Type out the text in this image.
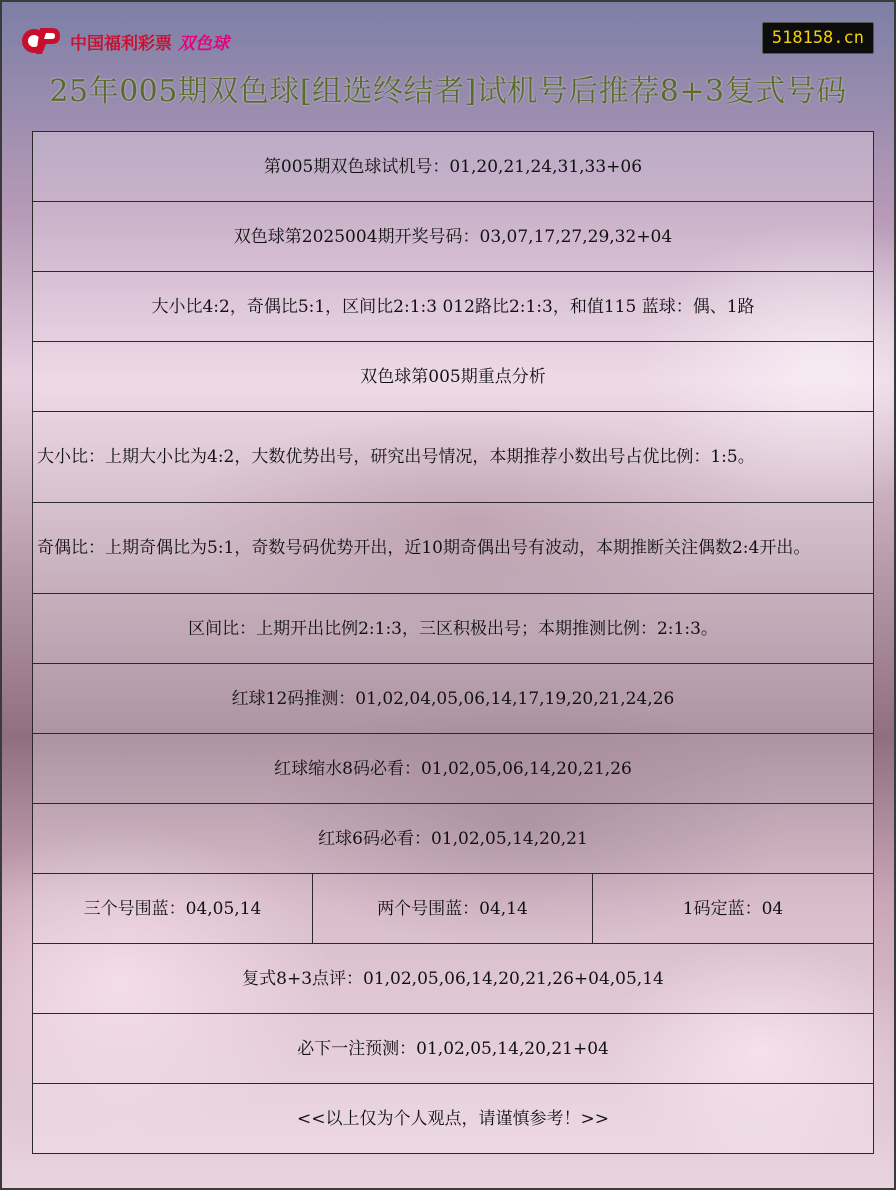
中国福利彩票 双色球	518158.cn
25年005期双色球[组选终结者]试机号后推荐8+3复式号码
第005期双色球试机号：01,20,21,24,31,33+06
双色球第2025004期开奖号码：03,07,17,27,29,32+04
大小比4:2，奇偶比5:1，区间比2:1:3 012路比2:1:3，和值115 蓝球：偶、1路
双色球第005期重点分析
大小比：上期大小比为4:2，大数优势出号，研究出号情况，本期推荐小数出号占优比例：1:5。
奇偶比：上期奇偶比为5:1，奇数号码优势开出，近10期奇偶出号有波动，本期推断关注偶数2:4开出。
区间比：上期开出比例2:1:3，三区积极出号；本期推测比例：2:1:3。
红球12码推测：01,02,04,05,06,14,17,19,20,21,24,26
红球缩水8码必看：01,02,05,06,14,20,21,26
红球6码必看：01,02,05,14,20,21
三个号围蓝：04,05,14	两个号围蓝：04,14	1码定蓝：04
复式8+3点评：01,02,05,06,14,20,21,26+04,05,14
必下一注预测：01,02,05,14,20,21+04
<<以上仅为个人观点，请谨慎参考！>>
